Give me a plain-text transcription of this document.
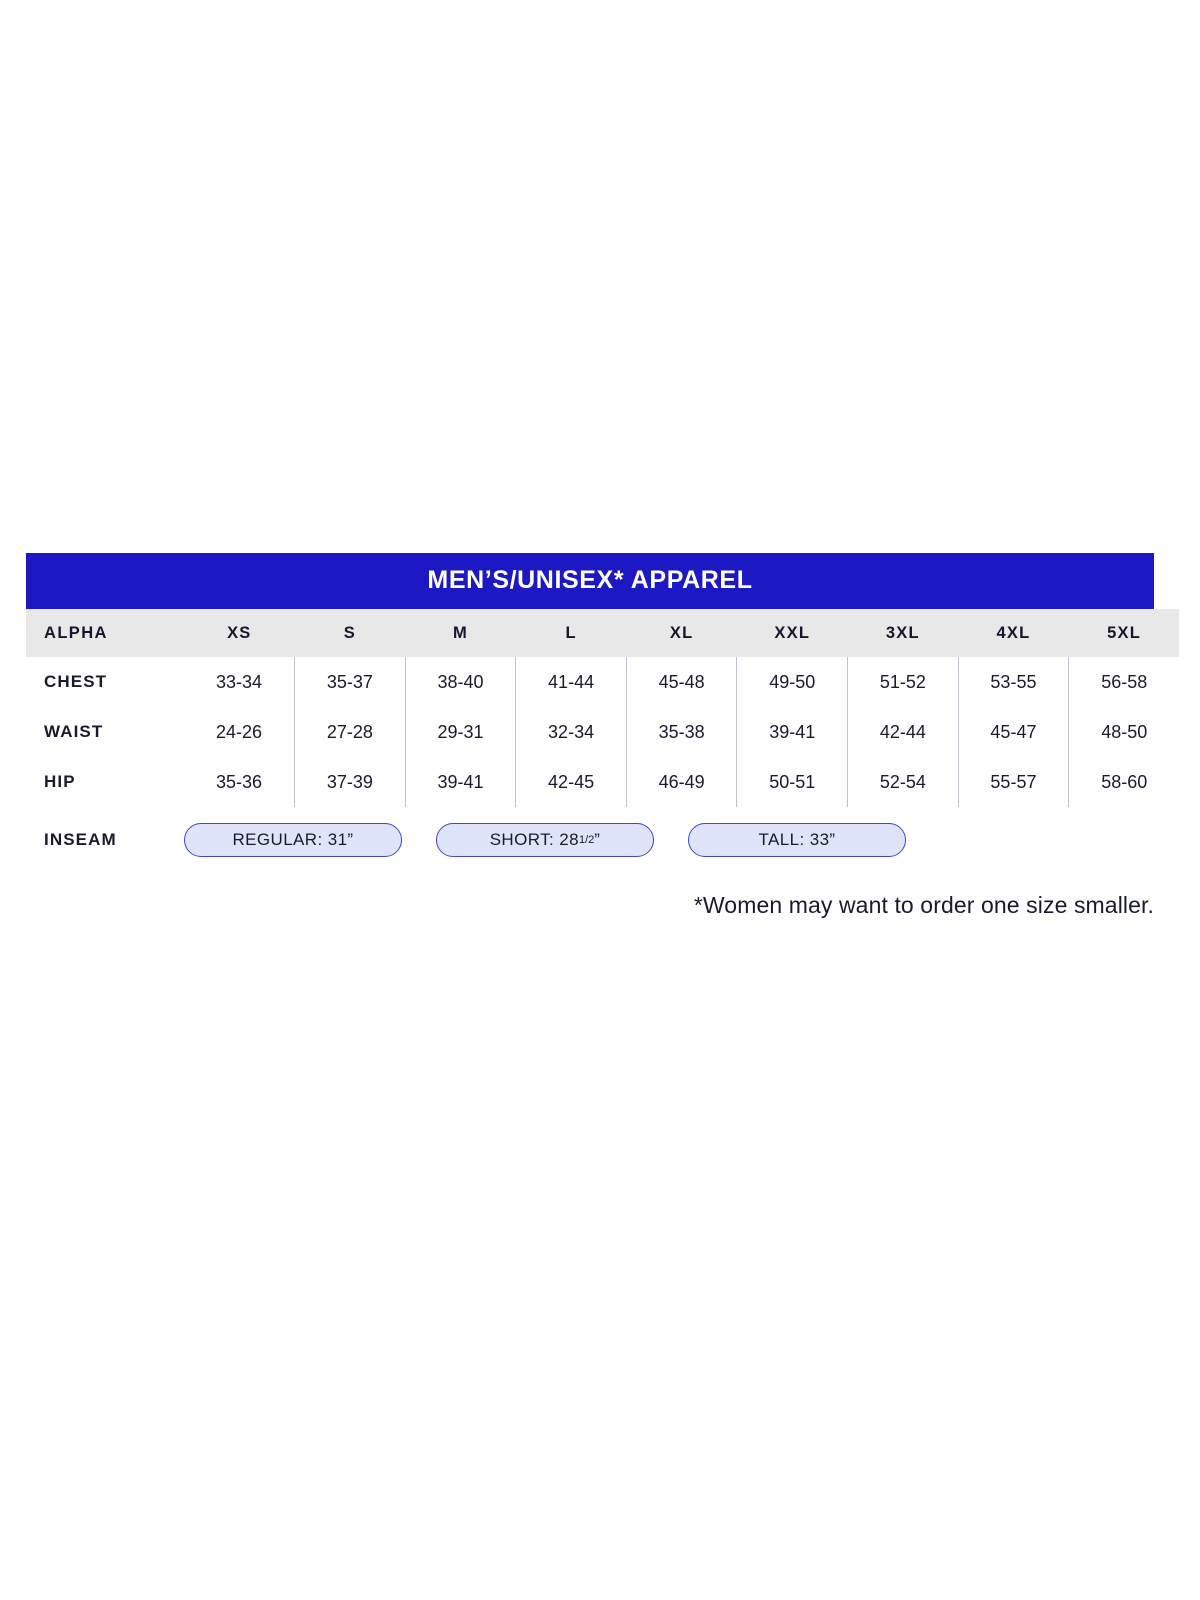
MEN’S/UNISEX* APPAREL
ALPHA	XS	S	M	L	XL	XXL	3XL	4XL	5XL
CHEST	33-34	35-37	38-40	41-44	45-48	49-50	51-52	53-55	56-58
WAIST	24-26	27-28	29-31	32-34	35-38	39-41	42-44	45-47	48-50
HIP	35-36	37-39	39-41	42-45	46-49	50-51	52-54	55-57	58-60
INSEAM	REGULAR: 31”	SHORT: 28 1/2 ”	TALL: 33”
*Women may want to order one size smaller.
